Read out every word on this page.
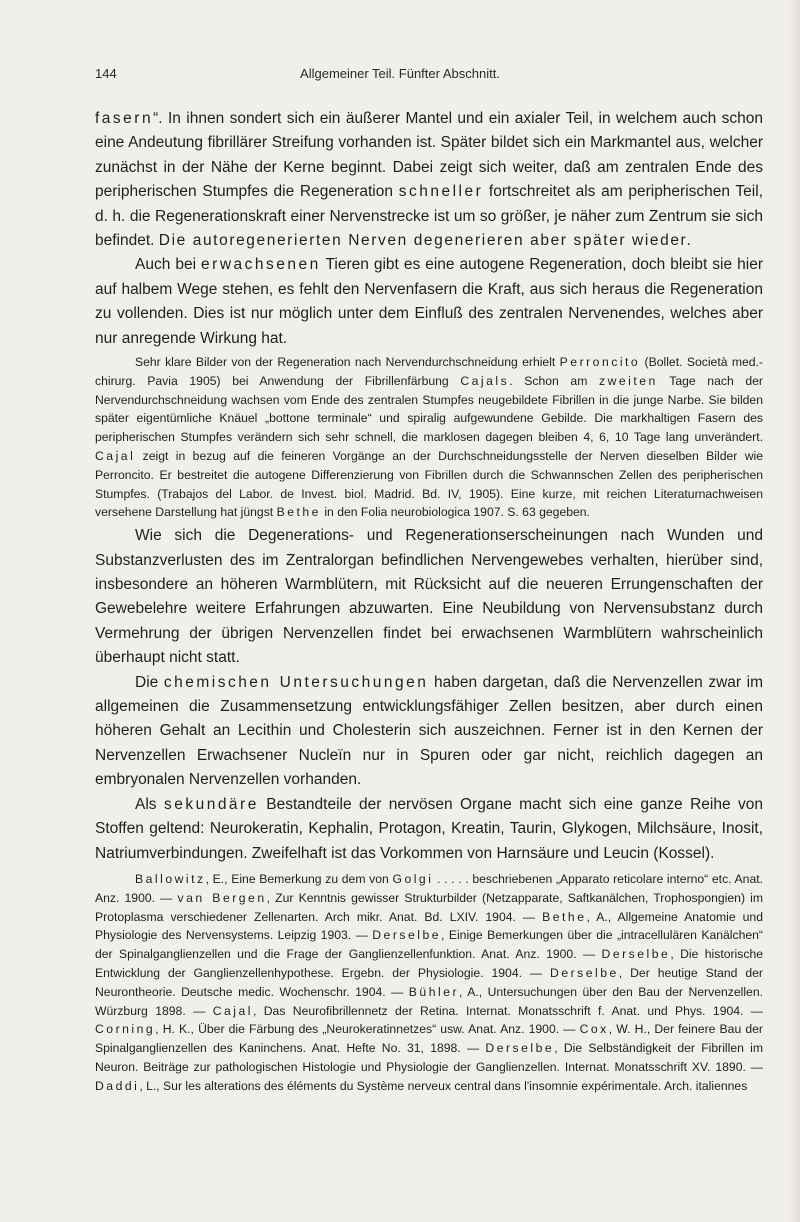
144	Allgemeiner Teil. Fünfter Abschnitt.

fasern“. In ihnen sondert sich ein äußerer Mantel und ein axialer Teil, in welchem auch schon eine Andeutung fibrillärer Streifung vorhanden ist. Später bildet sich ein Markmantel aus, welcher zunächst in der Nähe der Kerne beginnt. Dabei zeigt sich weiter, daß am zentralen Ende des peripherischen Stumpfes die Regeneration schneller fortschreitet als am peripherischen Teil, d. h. die Regenerationskraft einer Nervenstrecke ist um so größer, je näher zum Zentrum sie sich befindet. Die autoregenerierten Nerven degenerieren aber später wieder.

Auch bei erwachsenen Tieren gibt es eine autogene Regeneration, doch bleibt sie hier auf halbem Wege stehen, es fehlt den Nervenfasern die Kraft, aus sich heraus die Regeneration zu vollenden. Dies ist nur möglich unter dem Einfluß des zentralen Nervenendes, welches aber nur anregende Wirkung hat.

Sehr klare Bilder von der Regeneration nach Nervendurchschneidung erhielt Perroncito (Bollet. Società med.-chirurg. Pavia 1905) bei Anwendung der Fibrillenfärbung Cajals. Schon am zweiten Tage nach der Nervendurchschneidung wachsen vom Ende des zentralen Stumpfes neugebildete Fibrillen in die junge Narbe. Sie bilden später eigentümliche Knäuel „bottone terminale“ und spiralig aufgewundene Gebilde. Die markhaltigen Fasern des peripherischen Stumpfes verändern sich sehr schnell, die marklosen dagegen bleiben 4, 6, 10 Tage lang unverändert. Cajal zeigt in bezug auf die feineren Vorgänge an der Durchschneidungsstelle der Nerven dieselben Bilder wie Perroncito. Er bestreitet die autogene Differenzierung von Fibrillen durch die Schwannschen Zellen des peripherischen Stumpfes. (Trabajos del Labor. de Invest. biol. Madrid. Bd. IV, 1905). Eine kurze, mit reichen Literaturnachweisen versehene Darstellung hat jüngst Bethe in den Folia neurobiologica 1907. S. 63 gegeben.

Wie sich die Degenerations- und Regenerationserscheinungen nach Wunden und Substanzverlusten des im Zentralorgan befindlichen Nervengewebes verhalten, hierüber sind, insbesondere an höheren Warmblütern, mit Rücksicht auf die neueren Errungenschaften der Gewebelehre weitere Erfahrungen abzuwarten. Eine Neubildung von Nervensubstanz durch Vermehrung der übrigen Nervenzellen findet bei erwachsenen Warmblütern wahrscheinlich überhaupt nicht statt.

Die chemischen Untersuchungen haben dargetan, daß die Nervenzellen zwar im allgemeinen die Zusammensetzung entwicklungsfähiger Zellen besitzen, aber durch einen höheren Gehalt an Lecithin und Cholesterin sich auszeichnen. Ferner ist in den Kernen der Nervenzellen Erwachsener Nucleïn nur in Spuren oder gar nicht, reichlich dagegen an embryonalen Nervenzellen vorhanden.

Als sekundäre Bestandteile der nervösen Organe macht sich eine ganze Reihe von Stoffen geltend: Neurokeratin, Kephalin, Protagon, Kreatin, Taurin, Glykogen, Milchsäure, Inosit, Natriumverbindungen. Zweifelhaft ist das Vorkommen von Harnsäure und Leucin (Kossel).

Ballowitz, E., Eine Bemerkung zu dem von Golgi . . . . . beschriebenen „Apparato reticolare interno“ etc. Anat. Anz. 1900. — van Bergen, Zur Kenntnis gewisser Strukturbilder (Netzapparate, Saftkanälchen, Trophospongien) im Protoplasma verschiedener Zellenarten. Arch mikr. Anat. Bd. LXIV. 1904. — Bethe, A., Allgemeine Anatomie und Physiologie des Nervensystems. Leipzig 1903. — Derselbe, Einige Bemerkungen über die „intracellulären Kanälchen“ der Spinalganglienzellen und die Frage der Ganglienzellenfunktion. Anat. Anz. 1900. — Derselbe, Die historische Entwicklung der Ganglienzellenhypothese. Ergebn. der Physiologie. 1904. — Derselbe, Der heutige Stand der Neurontheorie. Deutsche medic. Wochenschr. 1904. — Bühler, A., Untersuchungen über den Bau der Nervenzellen. Würzburg 1898. — Cajal, Das Neurofibrillennetz der Retina. Internat. Monatsschrift f. Anat. und Phys. 1904. — Corning, H. K., Über die Färbung des „Neurokeratinnetzes“ usw. Anat. Anz. 1900. — Cox, W. H., Der feinere Bau der Spinalganglienzellen des Kaninchens. Anat. Hefte No. 31, 1898. — Derselbe, Die Selbständigkeit der Fibrillen im Neuron. Beiträge zur pathologischen Histologie und Physiologie der Ganglienzellen. Internat. Monatsschrift XV. 1890. — Daddi, L., Sur les alterations des éléments du Système nerveux central dans l'insomnie expérimentale. Arch. italiennes
